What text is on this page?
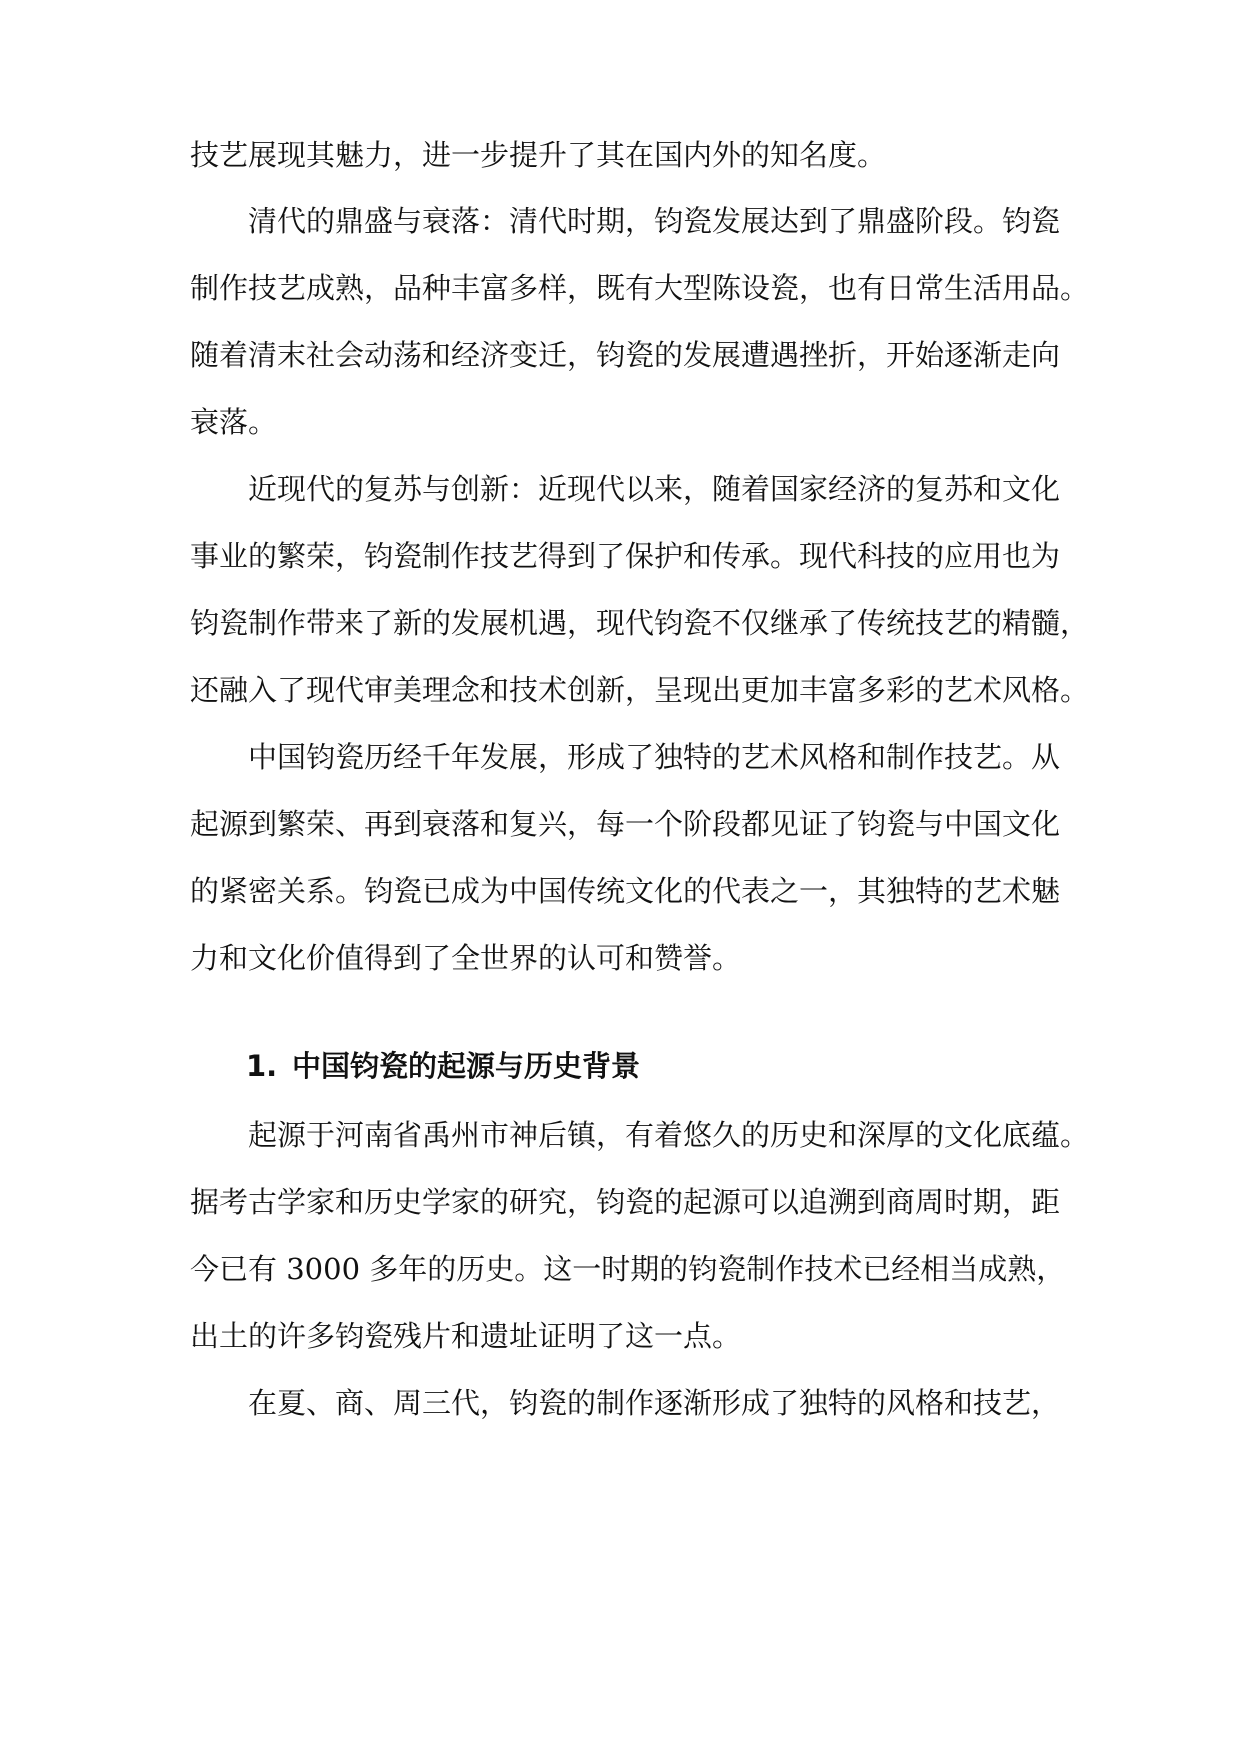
技艺展现其魅力，进一步提升了其在国内外的知名度。
清代的鼎盛与衰落：清代时期，钧瓷发展达到了鼎盛阶段。钧瓷
制作技艺成熟，品种丰富多样，既有大型陈设瓷，也有日常生活用品。
随着清末社会动荡和经济变迁，钧瓷的发展遭遇挫折，开始逐渐走向
衰落。
近现代的复苏与创新：近现代以来，随着国家经济的复苏和文化
事业的繁荣，钧瓷制作技艺得到了保护和传承。现代科技的应用也为
钧瓷制作带来了新的发展机遇，现代钧瓷不仅继承了传统技艺的精髓，
还融入了现代审美理念和技术创新，呈现出更加丰富多彩的艺术风格。
中国钧瓷历经千年发展，形成了独特的艺术风格和制作技艺。从
起源到繁荣、再到衰落和复兴，每一个阶段都见证了钧瓷与中国文化
的紧密关系。钧瓷已成为中国传统文化的代表之一，其独特的艺术魅
力和文化价值得到了全世界的认可和赞誉。
1. 中国钧瓷的起源与历史背景
起源于河南省禹州市神后镇，有着悠久的历史和深厚的文化底蕴。
据考古学家和历史学家的研究，钧瓷的起源可以追溯到商周时期，距
今已有 3000 多年的历史。这一时期的钧瓷制作技术已经相当成熟，
出土的许多钧瓷残片和遗址证明了这一点。
在夏、商、周三代，钧瓷的制作逐渐形成了独特的风格和技艺，
